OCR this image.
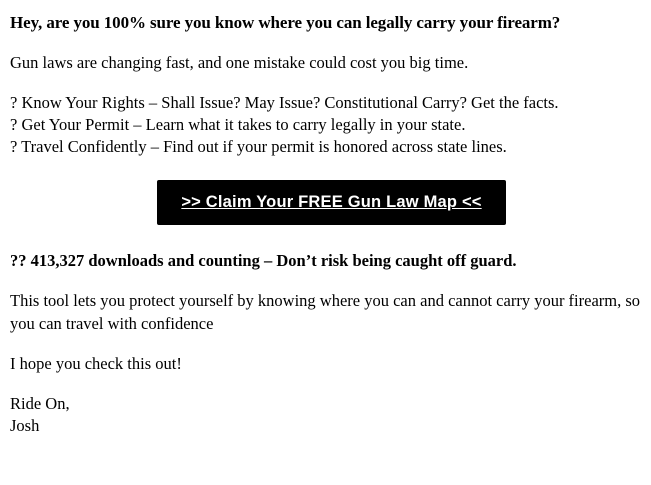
Hey, are you 100% sure you know where you can legally carry your firearm?

Gun laws are changing fast, and one mistake could cost you big time.

? Know Your Rights – Shall Issue? May Issue? Constitutional Carry? Get the facts.

? Get Your Permit – Learn what it takes to carry legally in your state.

? Travel Confidently – Find out if your permit is honored across state lines.

>> Claim Your FREE Gun Law Map <<

?? 413,327 downloads and counting – Don’t risk being caught off guard.

This tool lets you protect yourself by knowing where you can and cannot carry your firearm, so you can travel with confidence

I hope you check this out!

Ride On,

Josh
